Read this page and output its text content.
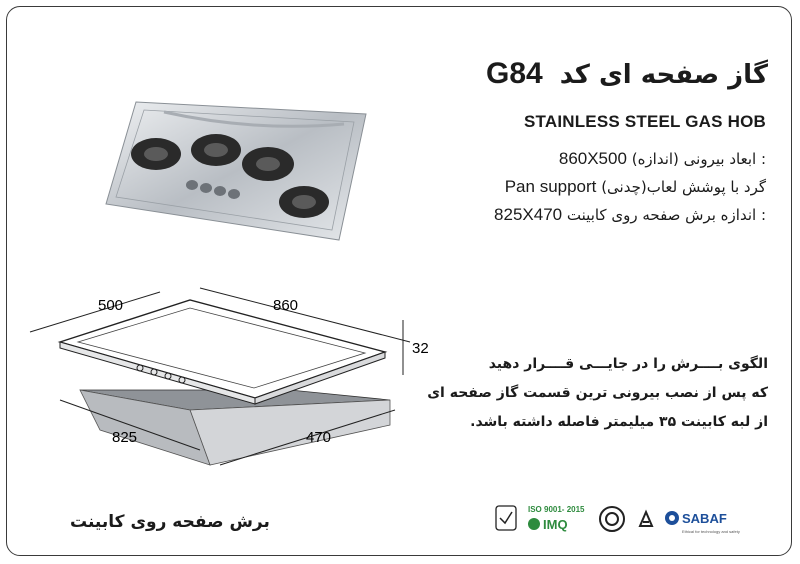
گاز صفحه ای کد G84
STAINLESS STEEL GAS HOB
860X500 ابعاد بیرونی (اندازه) :
Pan support (چدنی)گرد با پوشش لعاب
825X470 اندازه برش صفحه روی کابینت :
500	860
32
825	470
الگوی بــــرش را در جایـــی قــــرار دهید
که پس از نصب بیرونی ترین قسمت گاز صفحه ای
از لبه کابینت ۳۵ میلیمتر فاصله داشته باشد.
برش صفحه روی کابینت
ISO 9001- 2015
IMQ	SABAF
Ethical for technology and safety
